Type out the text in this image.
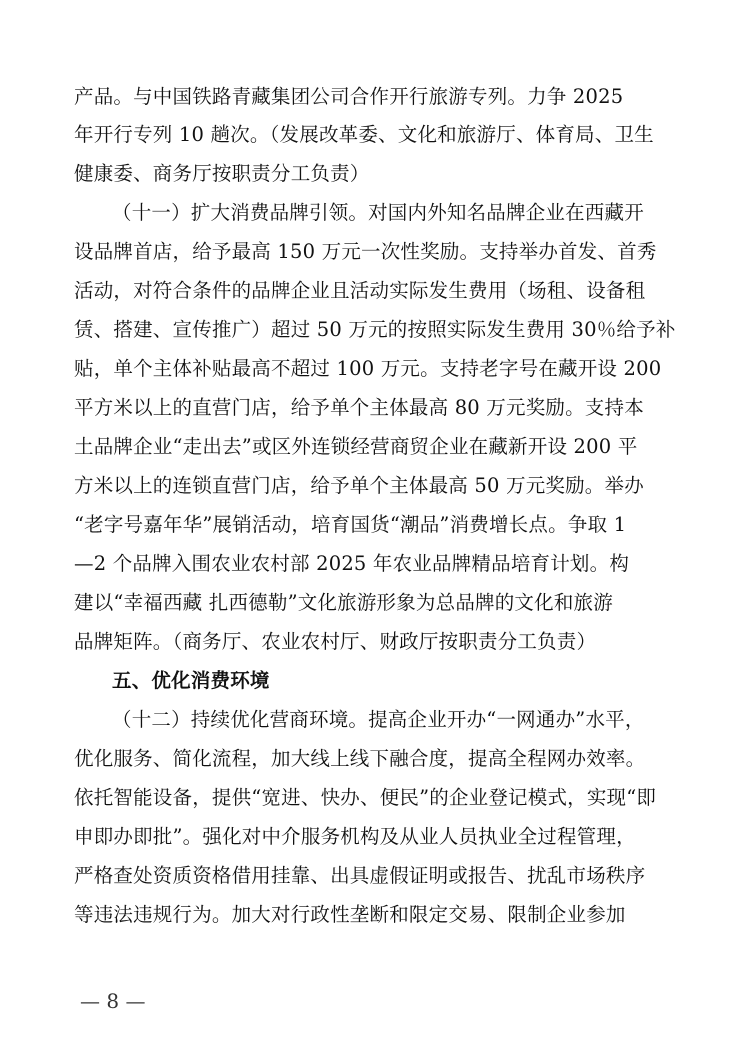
产品。与中国铁路青藏集团公司合作开行旅游专列。力争 2025
年开行专列 10 趟次。（发展改革委、文化和旅游厅、体育局、卫生
健康委、商务厅按职责分工负责）
（十一）扩大消费品牌引领。对国内外知名品牌企业在西藏开
设品牌首店，给予最高 150 万元一次性奖励。支持举办首发、首秀
活动，对符合条件的品牌企业且活动实际发生费用（场租、设备租
赁、搭建、宣传推广）超过 50 万元的按照实际发生费用 30％给予补
贴，单个主体补贴最高不超过 100 万元。支持老字号在藏开设 200
平方米以上的直营门店，给予单个主体最高 80 万元奖励。支持本
土品牌企业“走出去”或区外连锁经营商贸企业在藏新开设 200 平
方米以上的连锁直营门店，给予单个主体最高 50 万元奖励。举办
“老字号嘉年华”展销活动，培育国货“潮品”消费增长点。争取 1
—2 个品牌入围农业农村部 2025 年农业品牌精品培育计划。构
建以“幸福西藏 扎西德勒”文化旅游形象为总品牌的文化和旅游
品牌矩阵。（商务厅、农业农村厅、财政厅按职责分工负责）
五、优化消费环境
（十二）持续优化营商环境。提高企业开办“一网通办”水平，
优化服务、简化流程，加大线上线下融合度，提高全程网办效率。
依托智能设备，提供“宽进、快办、便民”的企业登记模式，实现“即
申即办即批”。强化对中介服务机构及从业人员执业全过程管理，
严格查处资质资格借用挂靠、出具虚假证明或报告、扰乱市场秩序
等违法违规行为。加大对行政性垄断和限定交易、限制企业参加
— 8 —
